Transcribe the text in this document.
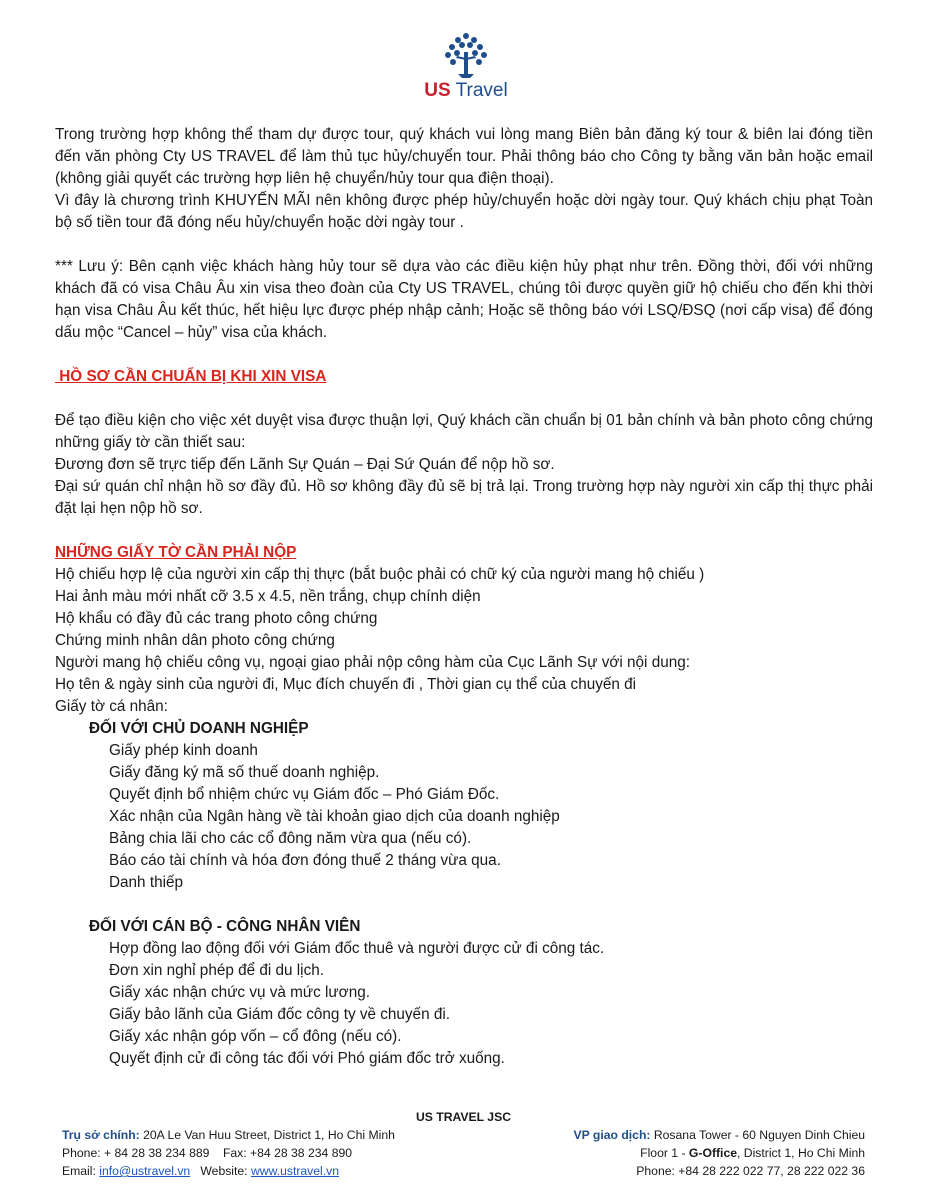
US Travel

Trong trường hợp không thể tham dự được tour, quý khách vui lòng mang Biên bản đăng ký tour & biên lai đóng tiền đến văn phòng Cty US TRAVEL để làm thủ tục hủy/chuyển tour. Phải thông báo cho Công ty bằng văn bản hoặc email (không giải quyết các trường hợp liên hệ chuyển/hủy tour qua điện thoại).

Vì đây là chương trình KHUYẾN MÃI nên không được phép hủy/chuyển hoặc dời ngày tour. Quý khách chịu phạt Toàn bộ số tiền tour đã đóng nếu hủy/chuyển hoặc dời ngày tour .

*** Lưu ý: Bên cạnh việc khách hàng hủy tour sẽ dựa vào các điều kiện hủy phạt như trên. Đồng thời, đối với những khách đã có visa Châu Âu xin visa theo đoàn của Cty US TRAVEL, chúng tôi được quyền giữ hộ chiếu cho đến khi thời hạn visa Châu Âu kết thúc, hết hiệu lực được phép nhập cảnh; Hoặc sẽ thông báo với LSQ/ĐSQ (nơi cấp visa) để đóng dấu mộc “Cancel – hủy” visa của khách.

HỒ SƠ CẦN CHUẨN BỊ KHI XIN VISA

Để tạo điều kiện cho việc xét duyệt visa được thuận lợi, Quý khách cần chuẩn bị 01 bản chính và bản photo công chứng những giấy tờ cần thiết sau:

Đương đơn sẽ trực tiếp đến Lãnh Sự Quán – Đại Sứ Quán để nộp hồ sơ.

Đại sứ quán chỉ nhận hồ sơ đầy đủ. Hồ sơ không đầy đủ sẽ bị trả lại. Trong trường hợp này người xin cấp thị thực phải đặt lại hẹn nộp hồ sơ.

NHỮNG GIẤY TỜ CẦN PHẢI NỘP

Hộ chiếu hợp lệ của người xin cấp thị thực (bắt buộc phải có chữ ký của người mang hộ chiếu )

Hai ảnh màu mới nhất cỡ 3.5 x 4.5, nền trắng, chụp chính diện

Hộ khẩu có đầy đủ các trang photo công chứng

Chứng minh nhân dân photo công chứng

Người mang hộ chiếu công vụ, ngoại giao phải nộp công hàm của Cục Lãnh Sự với nội dung:

Họ tên & ngày sinh của người đi, Mục đích chuyến đi , Thời gian cụ thể của chuyến đi

Giấy tờ cá nhân:

ĐỐI VỚI CHỦ DOANH NGHIỆP

Giấy phép kinh doanh

Giấy đăng ký mã số thuế doanh nghiệp.

Quyết định bổ nhiệm chức vụ Giám đốc – Phó Giám Đốc.

Xác nhận của Ngân hàng về tài khoản giao dịch của doanh nghiệp

Bảng chia lãi cho các cổ đông năm vừa qua (nếu có).

Báo cáo tài chính và hóa đơn đóng thuế 2 tháng vừa qua.

Danh thiếp

ĐỐI VỚI CÁN BỘ - CÔNG NHÂN VIÊN

Hợp đồng lao động đối với Giám đốc thuê và người được cử đi công tác.

Đơn xin nghỉ phép để đi du lịch.

Giấy xác nhận chức vụ và mức lương.

Giấy bảo lãnh của Giám đốc công ty về chuyến đi.

Giấy xác nhận góp vốn – cổ đông (nếu có).

Quyết định cử đi công tác đối với Phó giám đốc trở xuống.

US TRAVEL JSC
Trụ sở chính: 20A Le Van Huu Street, District 1, Ho Chi Minh
Phone: + 84 28 38 234 889    Fax: +84 28 38 234 890
Email: info@ustravel.vn   Website: www.ustravel.vn
VP giao dịch: Rosana Tower - 60 Nguyen Dinh Chieu
Floor 1 - G-Office, District 1, Ho Chi Minh
Phone: +84 28 222 022 77, 28 222 022 36
